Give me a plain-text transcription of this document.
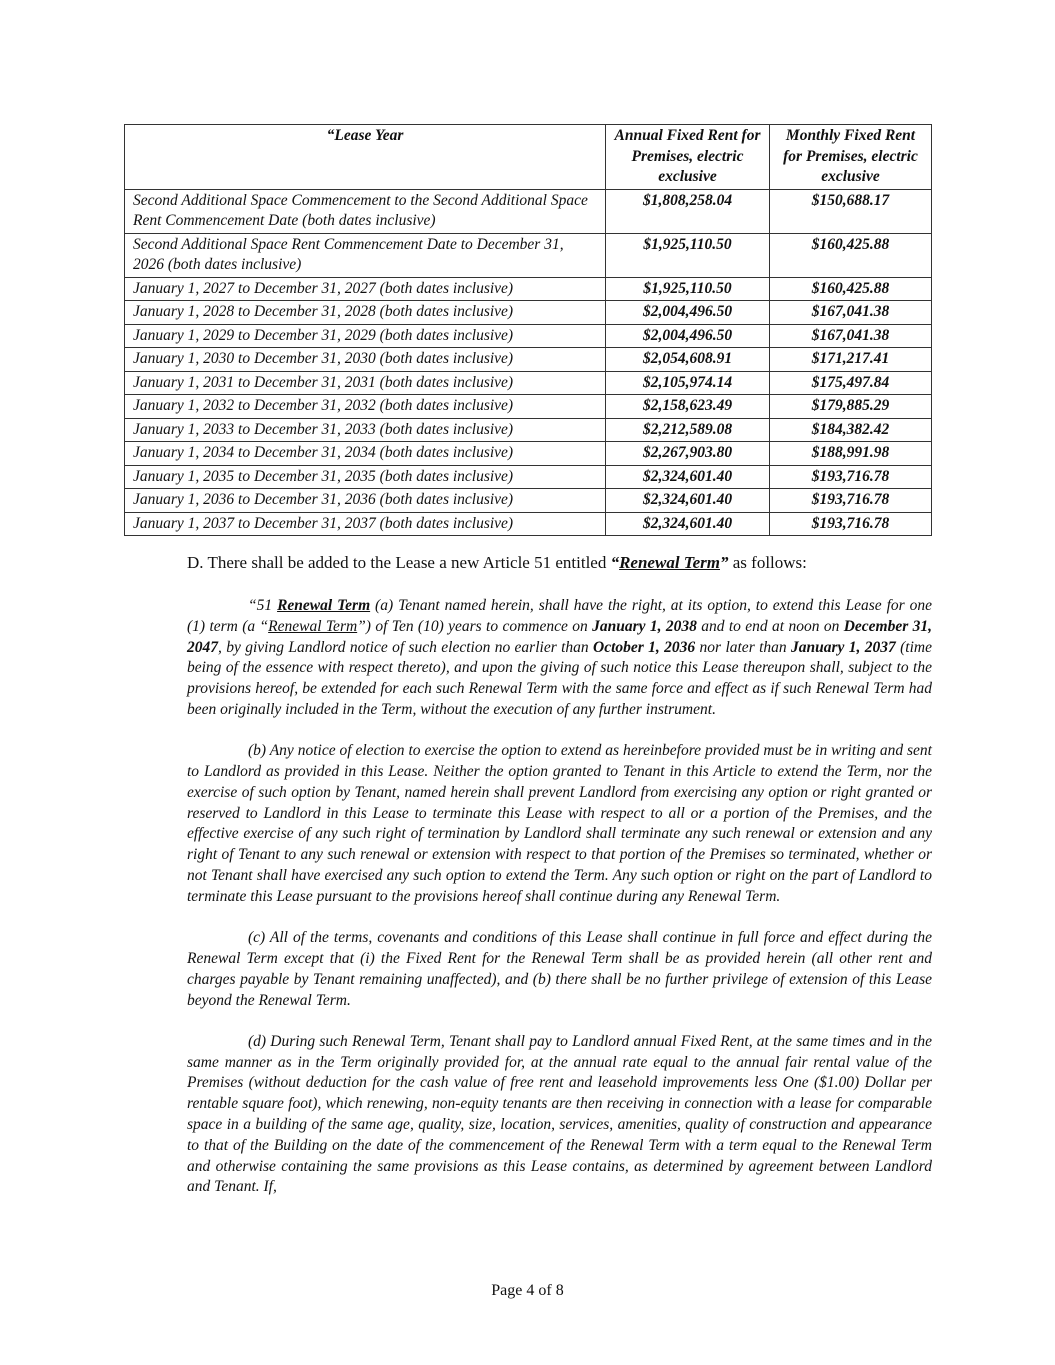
“Lease Year	Annual Fixed Rent for Premises, electric exclusive	Monthly Fixed Rent for Premises, electric exclusive
Second Additional Space Commencement to the Second Additional Space Rent Commencement Date (both dates inclusive)	$1,808,258.04	$150,688.17
Second Additional Space Rent Commencement Date to December 31, 2026 (both dates inclusive)	$1,925,110.50	$160,425.88
January 1, 2027 to December 31, 2027 (both dates inclusive)	$1,925,110.50	$160,425.88
January 1, 2028 to December 31, 2028 (both dates inclusive)	$2,004,496.50	$167,041.38
January 1, 2029 to December 31, 2029 (both dates inclusive)	$2,004,496.50	$167,041.38
January 1, 2030 to December 31, 2030 (both dates inclusive)	$2,054,608.91	$171,217.41
January 1, 2031 to December 31, 2031 (both dates inclusive)	$2,105,974.14	$175,497.84
January 1, 2032 to December 31, 2032 (both dates inclusive)	$2,158,623.49	$179,885.29
January 1, 2033 to December 31, 2033 (both dates inclusive)	$2,212,589.08	$184,382.42
January 1, 2034 to December 31, 2034 (both dates inclusive)	$2,267,903.80	$188,991.98
January 1, 2035 to December 31, 2035 (both dates inclusive)	$2,324,601.40	$193,716.78
January 1, 2036 to December 31, 2036 (both dates inclusive)	$2,324,601.40	$193,716.78
January 1, 2037 to December 31, 2037 (both dates inclusive)	$2,324,601.40	$193,716.78

D. There shall be added to the Lease a new Article 51 entitled “Renewal Term” as follows:

“51 Renewal Term (a) Tenant named herein, shall have the right, at its option, to extend this Lease for one (1) term (a “Renewal Term”) of Ten (10) years to commence on January 1, 2038 and to end at noon on December 31, 2047, by giving Landlord notice of such election no earlier than October 1, 2036 nor later than January 1, 2037 (time being of the essence with respect thereto), and upon the giving of such notice this Lease thereupon shall, subject to the provisions hereof, be extended for each such Renewal Term with the same force and effect as if such Renewal Term had been originally included in the Term, without the execution of any further instrument.

(b) Any notice of election to exercise the option to extend as hereinbefore provided must be in writing and sent to Landlord as provided in this Lease. Neither the option granted to Tenant in this Article to extend the Term, nor the exercise of such option by Tenant, named herein shall prevent Landlord from exercising any option or right granted or reserved to Landlord in this Lease to terminate this Lease with respect to all or a portion of the Premises, and the effective exercise of any such right of termination by Landlord shall terminate any such renewal or extension and any right of Tenant to any such renewal or extension with respect to that portion of the Premises so terminated, whether or not Tenant shall have exercised any such option to extend the Term. Any such option or right on the part of Landlord to terminate this Lease pursuant to the provisions hereof shall continue during any Renewal Term.

(c) All of the terms, covenants and conditions of this Lease shall continue in full force and effect during the Renewal Term except that (i) the Fixed Rent for the Renewal Term shall be as provided herein (all other rent and charges payable by Tenant remaining unaffected), and (b) there shall be no further privilege of extension of this Lease beyond the Renewal Term.

(d) During such Renewal Term, Tenant shall pay to Landlord annual Fixed Rent, at the same times and in the same manner as in the Term originally provided for, at the annual rate equal to the annual fair rental value of the Premises (without deduction for the cash value of free rent and leasehold improvements less One ($1.00) Dollar per rentable square foot), which renewing, non-equity tenants are then receiving in connection with a lease for comparable space in a building of the same age, quality, size, location, services, amenities, quality of construction and appearance to that of the Building on the date of the commencement of the Renewal Term with a term equal to the Renewal Term and otherwise containing the same provisions as this Lease contains, as determined by agreement between Landlord and Tenant. If,

Page 4 of 8
